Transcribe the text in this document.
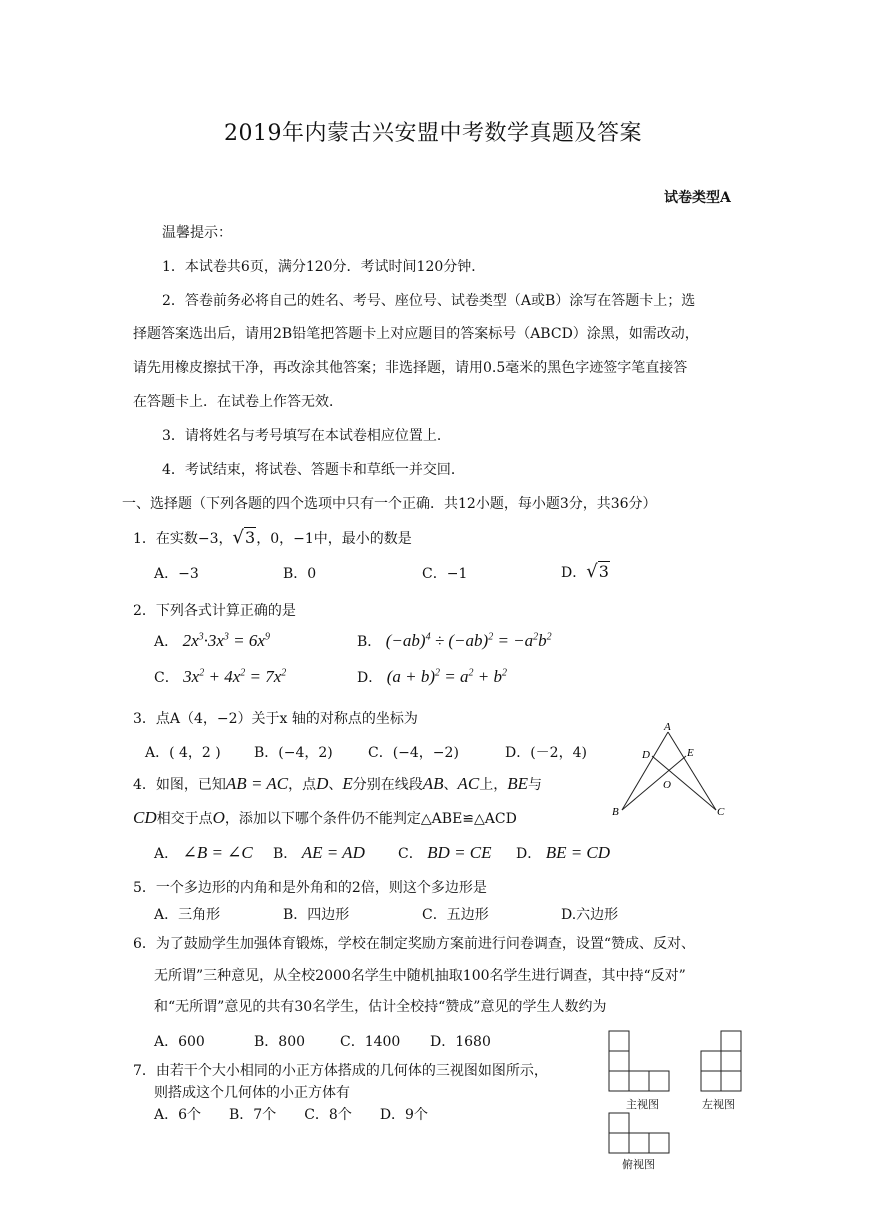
2019年内蒙古兴安盟中考数学真题及答案
试卷类型A
温馨提示：
1．本试卷共6页，满分120分．考试时间120分钟．
2．答卷前务必将自己的姓名、考号、座位号、试卷类型（A或B）涂写在答题卡上；选
择题答案选出后，请用2B铅笔把答题卡上对应题目的答案标号（ABCD）涂黑，如需改动，
请先用橡皮擦拭干净，再改涂其他答案；非选择题，请用0.5毫米的黑色字迹签字笔直接答
在答题卡上．在试卷上作答无效．
3．请将姓名与考号填写在本试卷相应位置上．
4．考试结束，将试卷、答题卡和草纸一并交回．
一、选择题（下列各题的四个选项中只有一个正确．共12小题，每小题3分，共36分）
1．在实数−3，√3，0，−1中，最小的数是
A．−3	B．0	C．−1	D．√3
2．下列各式计算正确的是
A． $2x^3\cdot 3x^3 = 6x^9$	B． $(-ab)^4 \div (-ab)^2 = -a^2b^2$
C． $3x^2 + 4x^2 = 7x^2$	D． $(a + b)^2 = a^2 + b^2$
3．点A（4，−2）关于x 轴的对称点的坐标为
A．( 4，2 ) B．(−4，2)	C．(−4，−2)	D．(－2，4)
A
D	E
O
B	C
4．如图，已知AB = AC，点D、E分别在线段AB、AC上，BE与
CD相交于点O，添加以下哪个条件仍不能判定△ABE≌△ACD
A． ∠B = ∠C B． AE = AD C． BD = CE D． BE = CD
5．一个多边形的内角和是外角和的2倍，则这个多边形是
A．三角形	B．四边形	C．五边形	D.六边形
6．为了鼓励学生加强体育锻炼，学校在制定奖励方案前进行问卷调查，设置“赞成、反对、
无所谓”三种意见，从全校2000名学生中随机抽取100名学生进行调查，其中持“反对”
和“无所谓”意见的共有30名学生，估计全校持“赞成”意见的学生人数约为
A．600	B．800 C．1400 D．1680
7．由若干个大小相同的小正方体搭成的几何体的三视图如图所示，
则搭成这个几何体的小正方体有
A．6个　　B．7个　　C．8个　　D．9个
主视图	左视图
俯视图
